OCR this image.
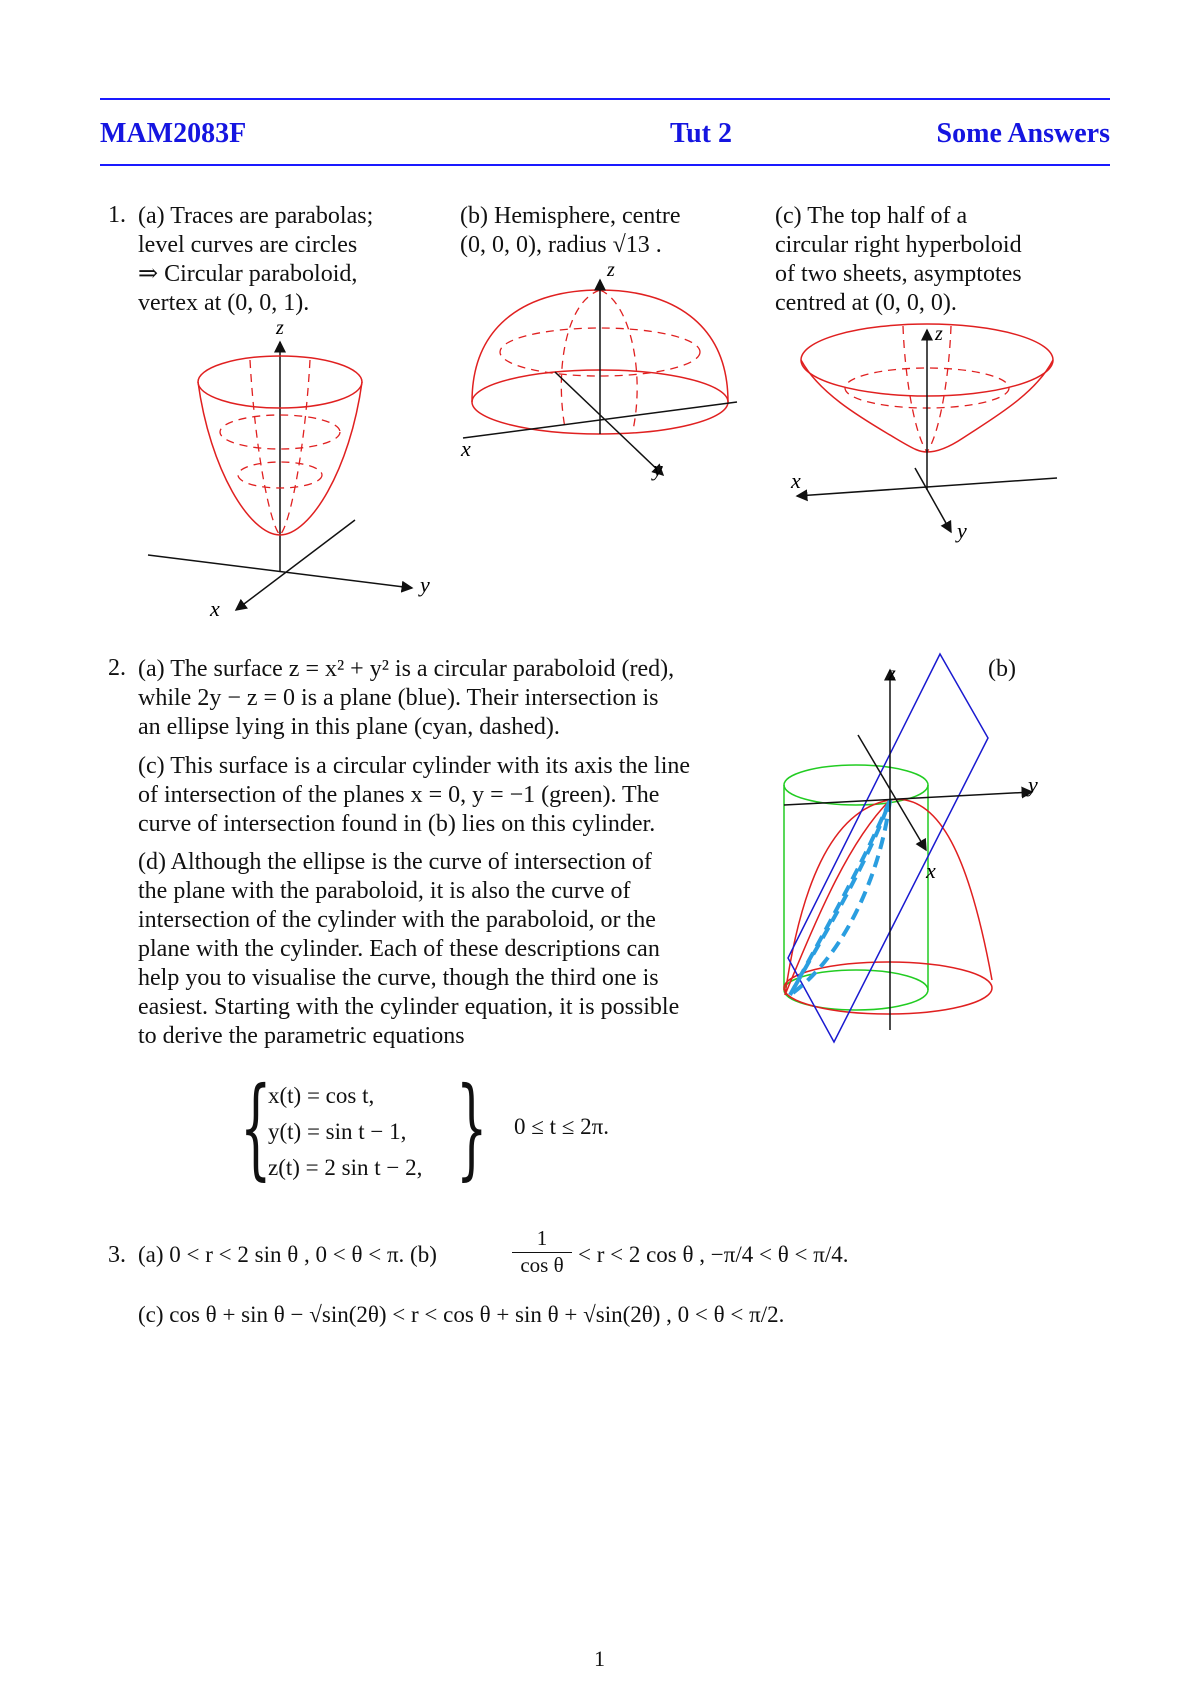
MAM2083F	Tut 2	Some Answers
1. (a) Traces are parabolas;
level curves are circles
⇒ Circular paraboloid,
vertex at (0, 0, 1).
(b) Hemisphere, centre
(0, 0, 0), radius √13 .
(c) The top half of a
circular right hyperboloid
of two sheets, asymptotes
centred at (0, 0, 0).
z
y
x
z
x
y
z
x
y
2. (a) The surface z = x² + y² is a circular paraboloid (red),
while 2y − z = 0 is a plane (blue). Their intersection is
an ellipse lying in this plane (cyan, dashed).
(c) This surface is a circular cylinder with its axis the line
of intersection of the planes x = 0, y = −1 (green). The
curve of intersection found in (b) lies on this cylinder.
(d) Although the ellipse is the curve of intersection of
the plane with the paraboloid, it is also the curve of
intersection of the cylinder with the paraboloid, or the
plane with the cylinder. Each of these descriptions can
help you to visualise the curve, though the third one is
easiest. Starting with the cylinder equation, it is possible
to derive the parametric equations
(b)
z
y
x
{
x(t) = cos t,
y(t) = sin t − 1,
z(t) = 2 sin t − 2, } 0 ≤ t ≤ 2π.
3. (a) 0 < r < 2 sin θ , 0 < θ < π. (b)	$\frac{1}{\text{cos θ}} < r < 2$ cos θ , −π/4 < θ < π/4.
(c) cos θ + sin θ − √sin(2θ) < r < cos θ + sin θ + √sin(2θ) , 0 < θ < π/2.
1
